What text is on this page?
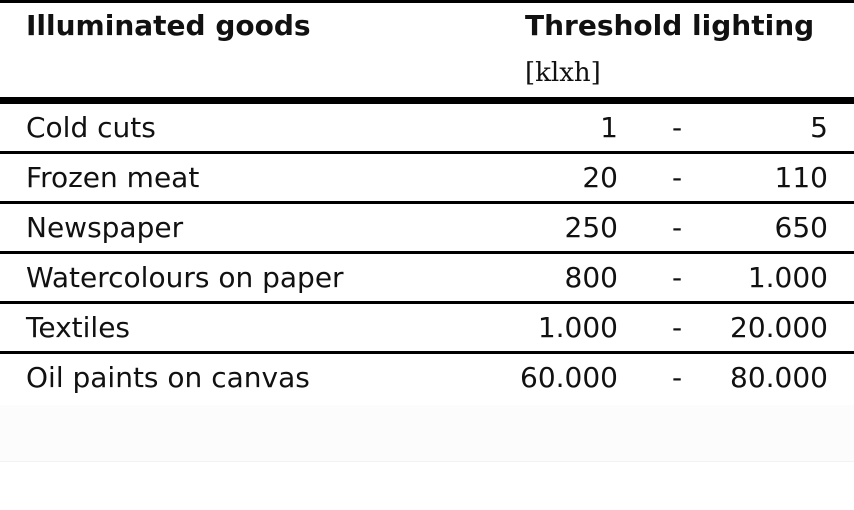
Illuminated goods	Threshold lighting
[klxh]
Cold cuts	1 -	5
Frozen meat	20 -	110
Newspaper	250 -	650
Watercolours on paper	800 - 1.000
Textiles	1.000 - 20.000
Oil paints on canvas	60.000 - 80.000
